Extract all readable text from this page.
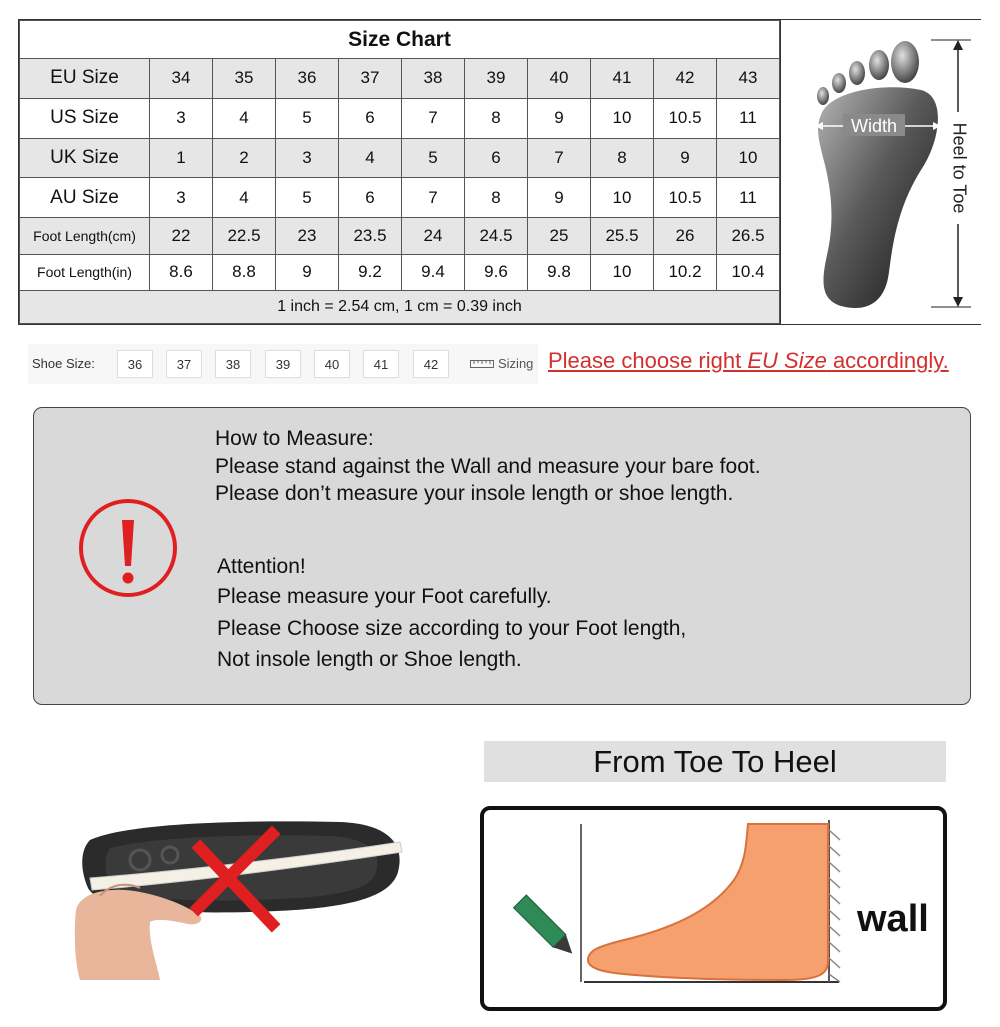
Size Chart										
EU Size	34	35	36	37	38	39	40	41	42	43
US Size	3	4	5	6	7	8	9	10	10.5	11
UK Size	1	2	3	4	5	6	7	8	9	10
AU Size	3	4	5	6	7	8	9	10	10.5	11
Foot Length(cm)	22	22.5	23	23.5	24	24.5	25	25.5	26	26.5
Foot Length(in)	8.6	8.8	9	9.2	9.4	9.6	9.8	10	10.2	10.4
1 inch = 2.54 cm, 1 cm = 0.39 inch										
Width	Heel to Toe
Shoe Size:	36	37	38	39	40	41	42	Sizing Please choose right EU Size accordingly.
How to Measure:
Please stand against the Wall and measure your bare foot.
Please don’t measure your insole length or shoe length.
Attention!
Please measure your Foot carefully.
Please Choose size according to your Foot length,
Not insole length or Shoe length.
From Toe To Heel
wall
